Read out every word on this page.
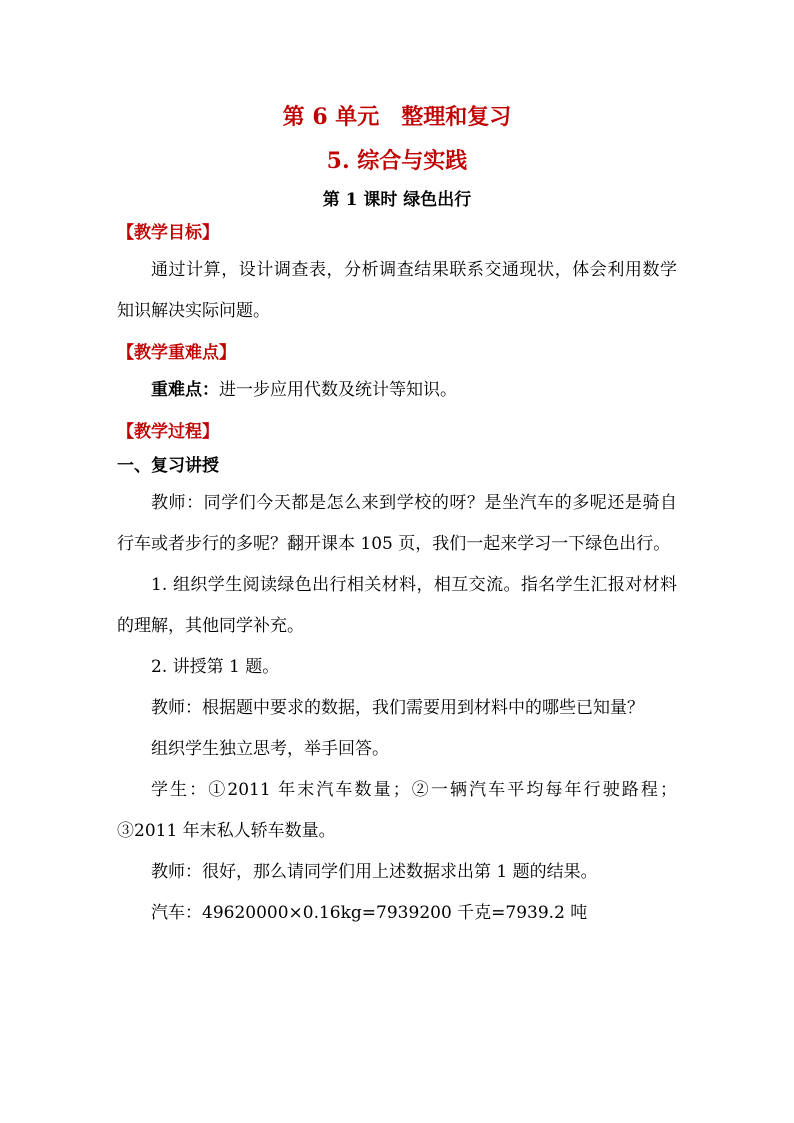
第 6 单元　整理和复习
5. 综合与实践
第 1 课时 绿色出行
【教学目标】

通过计算，设计调查表，分析调查结果联系交通现状，体会利用数学知识解决实际问题。

【教学重难点】

重难点：进一步应用代数及统计等知识。

【教学过程】
一、复习讲授

教师：同学们今天都是怎么来到学校的呀？是坐汽车的多呢还是骑自行车或者步行的多呢？翻开课本 105 页，我们一起来学习一下绿色出行。

1. 组织学生阅读绿色出行相关材料，相互交流。指名学生汇报对材料的理解，其他同学补充。

2. 讲授第 1 题。

教师：根据题中要求的数据，我们需要用到材料中的哪些已知量？

组织学生独立思考，举手回答。

学生：①2011 年末汽车数量；②一辆汽车平均每年行驶路程；③2011 年末私人轿车数量。

教师：很好，那么请同学们用上述数据求出第 1 题的结果。

汽车：49620000×0.16kg=7939200 千克=7939.2 吨
